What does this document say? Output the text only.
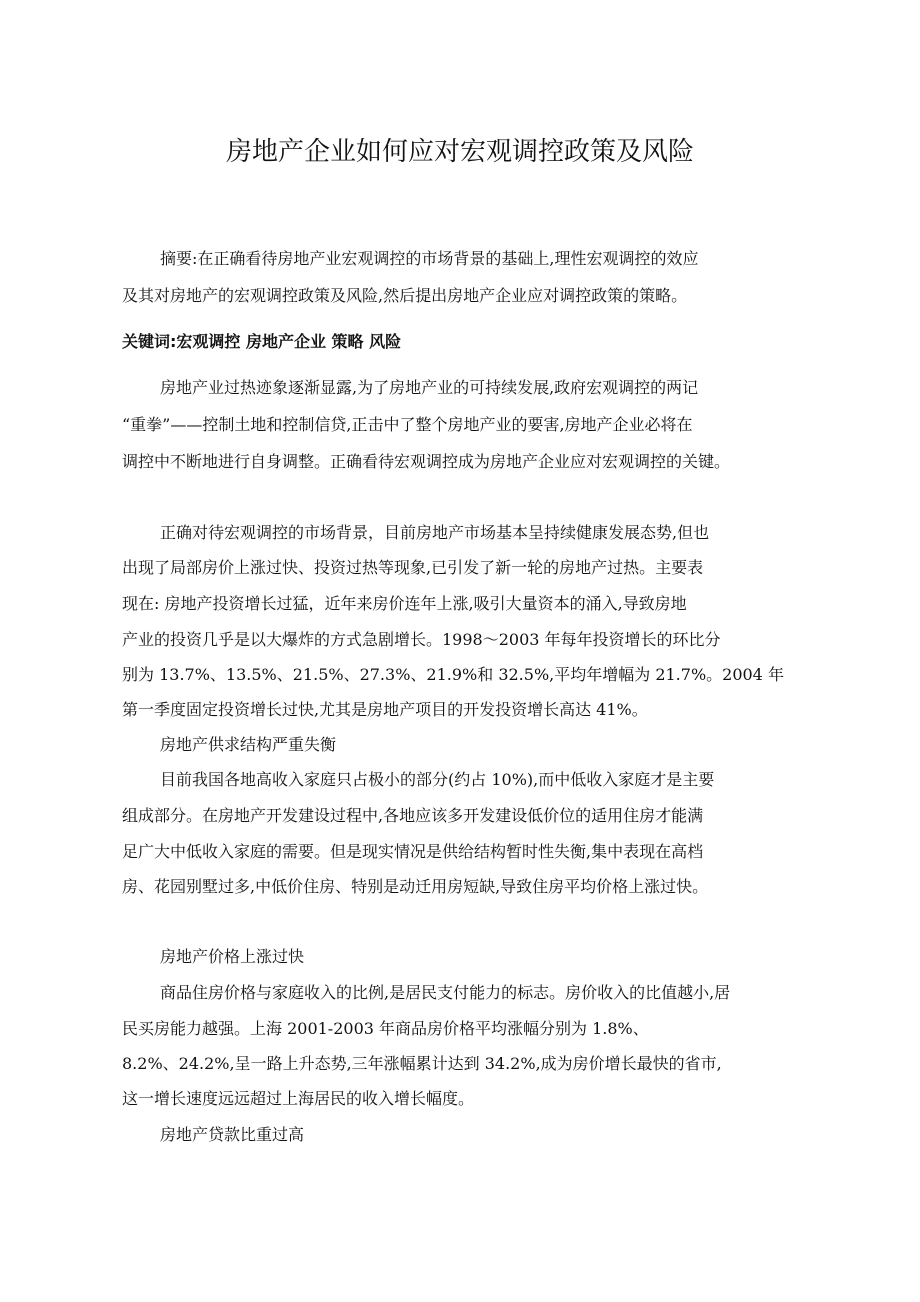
房地产企业如何应对宏观调控政策及风险
摘要:在正确看待房地产业宏观调控的市场背景的基础上,理性宏观调控的效应
及其对房地产的宏观调控政策及风险,然后提出房地产企业应对调控政策的策略。
关键词:宏观调控 房地产企业 策略 风险
房地产业过热迹象逐渐显露,为了房地产业的可持续发展,政府宏观调控的两记
“重拳”——控制土地和控制信贷,正击中了整个房地产业的要害,房地产企业必将在
调控中不断地进行自身调整。正确看待宏观调控成为房地产企业应对宏观调控的关键。
正确对待宏观调控的市场背景，目前房地产市场基本呈持续健康发展态势,但也
出现了局部房价上涨过快、投资过热等现象,已引发了新一轮的房地产过热。主要表
现在: 房地产投资增长过猛，近年来房价连年上涨,吸引大量资本的涌入,导致房地
产业的投资几乎是以大爆炸的方式急剧增长。1998～2003 年每年投资增长的环比分
别为 13.7%、13.5%、21.5%、27.3%、21.9%和 32.5%,平均年增幅为 21.7%。2004 年
第一季度固定投资增长过快,尤其是房地产项目的开发投资增长高达 41%。
房地产供求结构严重失衡
目前我国各地高收入家庭只占极小的部分(约占 10%),而中低收入家庭才是主要
组成部分。在房地产开发建设过程中,各地应该多开发建设低价位的适用住房才能满
足广大中低收入家庭的需要。但是现实情况是供给结构暂时性失衡,集中表现在高档
房、花园别墅过多,中低价住房、特别是动迁用房短缺,导致住房平均价格上涨过快。
房地产价格上涨过快
商品住房价格与家庭收入的比例,是居民支付能力的标志。房价收入的比值越小,居
民买房能力越强。上海 2001-2003 年商品房价格平均涨幅分别为 1.8%、
8.2%、24.2%,呈一路上升态势,三年涨幅累计达到 34.2%,成为房价增长最快的省市,
这一增长速度远远超过上海居民的收入增长幅度。
房地产贷款比重过高
